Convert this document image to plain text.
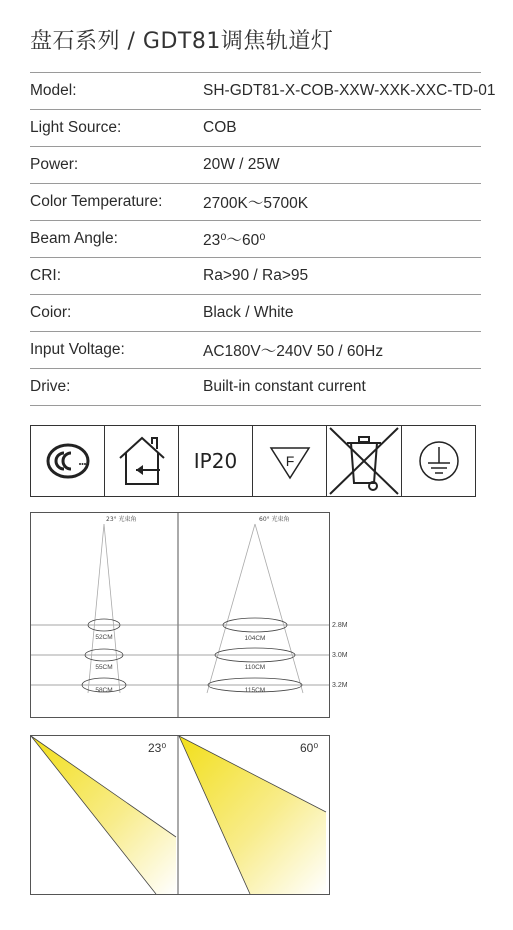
盘石系列 / GDT81调焦轨道灯
Model:	SH-GDT81-X-COB-XXW-XXK-XXC-TD-01
Light Source:	COB
Power:	20W / 25W
Color Temperature:	2700K～5700K
Beam Angle:	23⁰～60⁰
CRI:	Ra>90 / Ra>95
Coior:	Black / White
Input Voltage:	AC180V～240V 50 / 60Hz
Drive:	Built-in constant current
IP20	F
23° 光束角	60° 光束角
52CM
55CM
58CM
104CM
110CM
115CM
2.8M
3.0M
3.2M
23⁰	60⁰
